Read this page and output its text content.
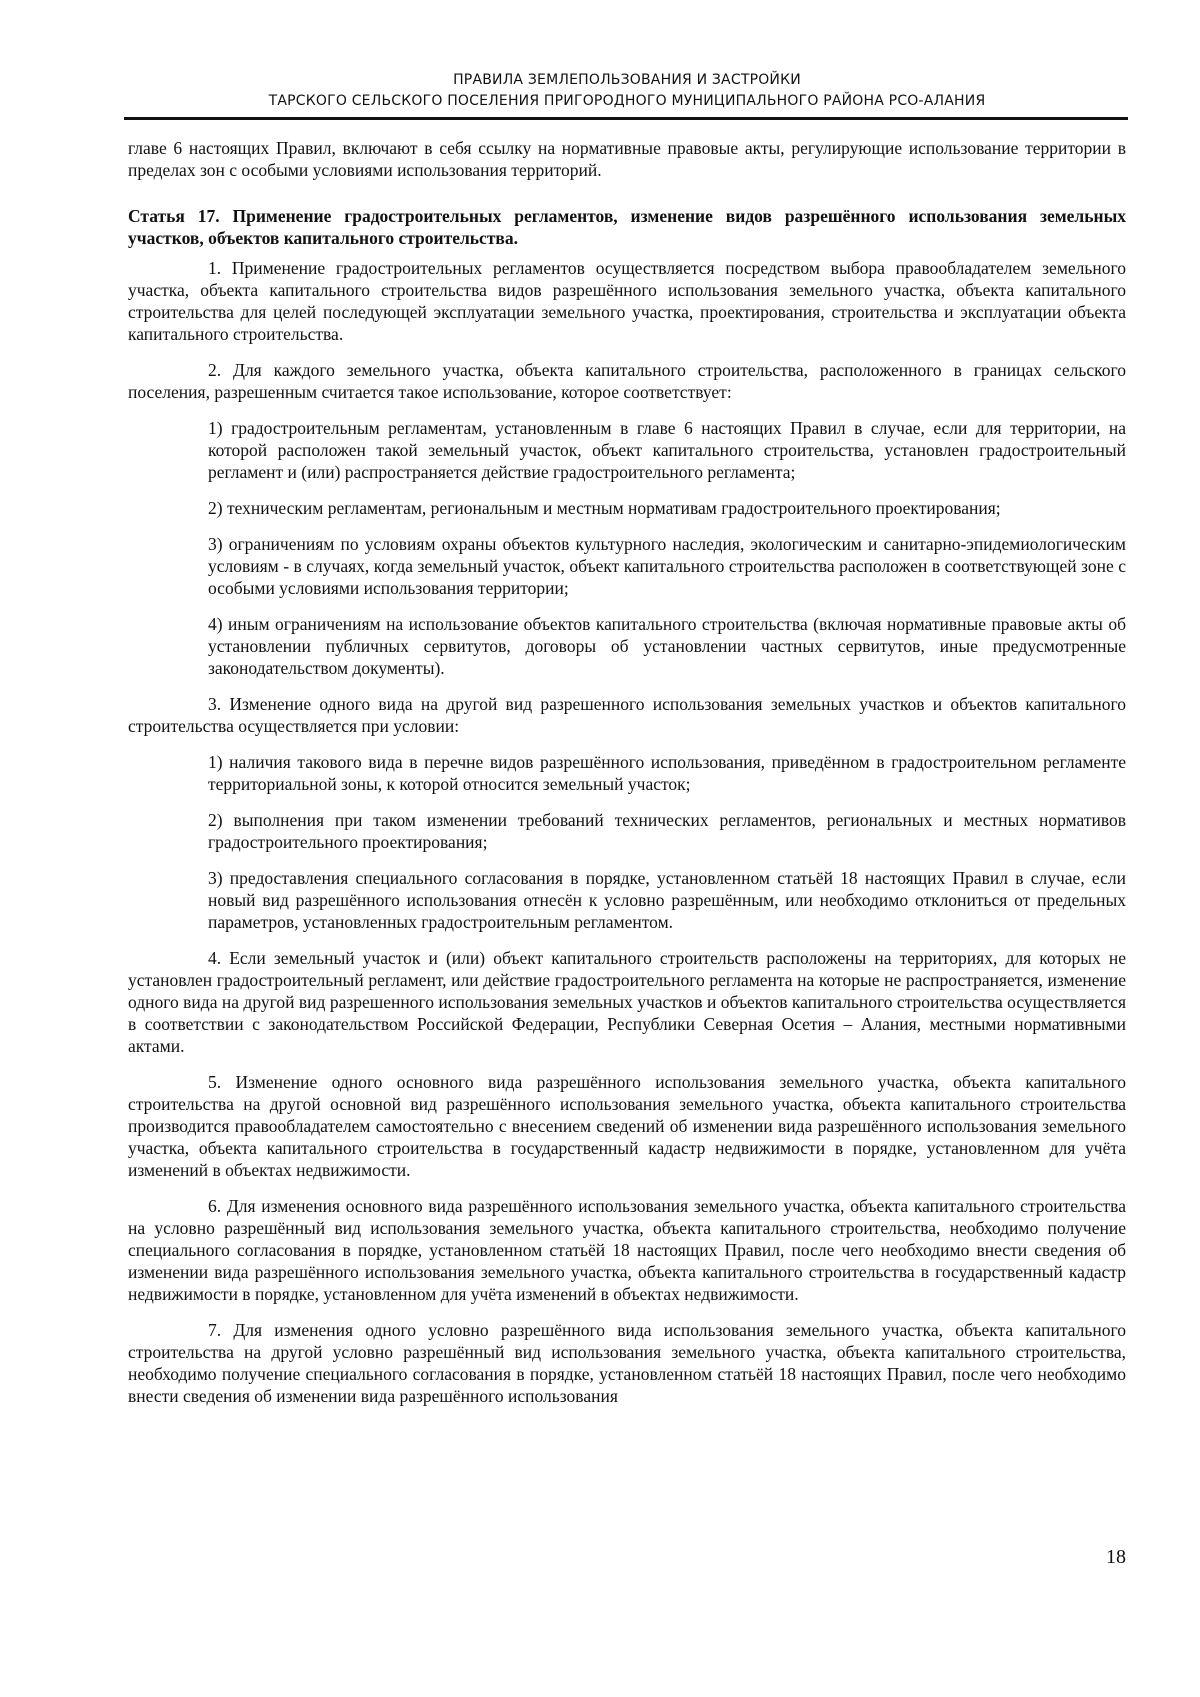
ПРАВИЛА ЗЕМЛЕПОЛЬЗОВАНИЯ И ЗАСТРОЙКИ
ТАРСКОГО СЕЛЬСКОГО ПОСЕЛЕНИЯ ПРИГОРОДНОГО МУНИЦИПАЛЬНОГО РАЙОНА РСО-АЛАНИЯ

главе 6 настоящих Правил, включают в себя ссылку на нормативные правовые акты, регулирующие использование территории в пределах зон с особыми условиями использования территорий.

Статья 17. Применение градостроительных регламентов, изменение видов разрешённого использования земельных участков, объектов капитального строительства.

1. Применение градостроительных регламентов осуществляется посредством выбора правообладателем земельного участка, объекта капитального строительства видов разрешённого использования земельного участка, объекта капитального строительства для целей последующей эксплуатации земельного участка, проектирования, строительства и эксплуатации объекта капитального строительства.

2. Для каждого земельного участка, объекта капитального строительства, расположенного в границах сельского поселения, разрешенным считается такое использование, которое соответствует:

1) градостроительным регламентам, установленным в главе 6 настоящих Правил в случае, если для территории, на которой расположен такой земельный участок, объект капитального строительства, установлен градостроительный регламент и (или) распространяется действие градостроительного регламента;

2) техническим регламентам, региональным и местным нормативам градостроительного проектирования;

3) ограничениям по условиям охраны объектов культурного наследия, экологическим и санитарно-эпидемиологическим условиям - в случаях, когда земельный участок, объект капитального строительства расположен в соответствующей зоне с особыми условиями использования территории;

4) иным ограничениям на использование объектов капитального строительства (включая нормативные правовые акты об установлении публичных сервитутов, договоры об установлении частных сервитутов, иные предусмотренные законодательством документы).

3. Изменение одного вида на другой вид разрешенного использования земельных участков и объектов капитального строительства осуществляется при условии:

1) наличия такового вида в перечне видов разрешённого использования, приведённом в градостроительном регламенте территориальной зоны, к которой относится земельный участок;

2) выполнения при таком изменении требований технических регламентов, региональных и местных нормативов градостроительного проектирования;

3) предоставления специального согласования в порядке, установленном статьёй 18 настоящих Правил в случае, если новый вид разрешённого использования отнесён к условно разрешённым, или необходимо отклониться от предельных параметров, установленных градостроительным регламентом.

4. Если земельный участок и (или) объект капитального строительств расположены на территориях, для которых не установлен градостроительный регламент, или действие градостроительного регламента на которые не распространяется, изменение одного вида на другой вид разрешенного использования земельных участков и объектов капитального строительства осуществляется в соответствии с законодательством Российской Федерации, Республики Северная Осетия – Алания, местными нормативными актами.

5. Изменение одного основного вида разрешённого использования земельного участка, объекта капитального строительства на другой основной вид разрешённого использования земельного участка, объекта капитального строительства производится правообладателем самостоятельно с внесением сведений об изменении вида разрешённого использования земельного участка, объекта капитального строительства в государственный кадастр недвижимости в порядке, установленном для учёта изменений в объектах недвижимости.

6. Для изменения основного вида разрешённого использования земельного участка, объекта капитального строительства на условно разрешённый вид использования земельного участка, объекта капитального строительства, необходимо получение специального согласования в порядке, установленном статьёй 18 настоящих Правил, после чего необходимо внести сведения об изменении вида разрешённого использования земельного участка, объекта капитального строительства в государственный кадастр недвижимости в порядке, установленном для учёта изменений в объектах недвижимости.

7. Для изменения одного условно разрешённого вида использования земельного участка, объекта капитального строительства на другой условно разрешённый вид использования земельного участка, объекта капитального строительства, необходимо получение специального согласования в порядке, установленном статьёй 18 настоящих Правил, после чего необходимо внести сведения об изменении вида разрешённого использования

18
